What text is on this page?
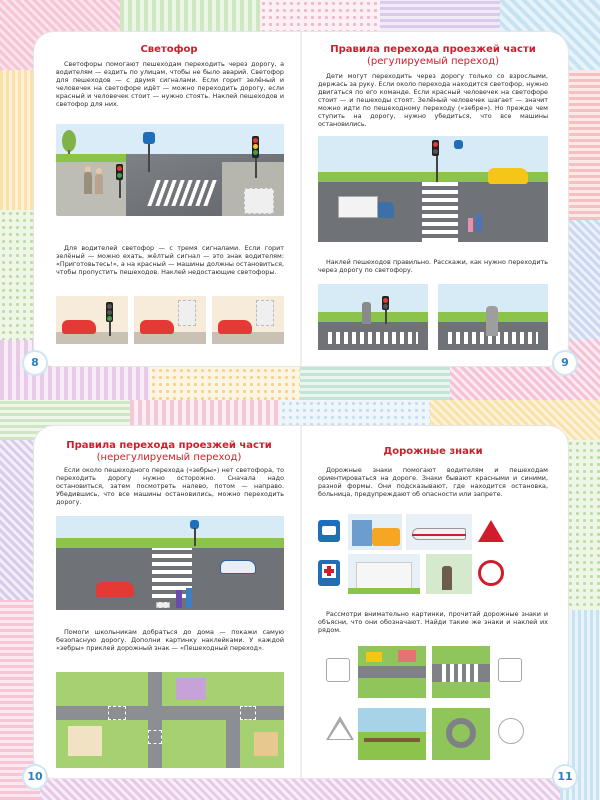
Светофор

Светофоры помогают пешеходам переходить через дорогу, а водителям — ездить по улицам, чтобы не было аварий. Светофор для пешеходов — с двумя сигналами. Если горит зелёный и человечек на светофоре идёт — можно переходить дорогу, если красный и человечек стоит — нужно стоять. Наклей пешеходов и светофор для них.

Для водителей светофор — с тремя сигналами. Если горит зелёный — можно ехать, жёлтый сигнал — это знак водителям: «Приготовьтесь!», а на красный — машины должны остановиться, чтобы пропустить пешеходов. Наклей недостающие светофоры.

Правила перехода проезжей части
(регулируемый переход)

Дети могут переходить через дорогу только со взрослыми, держась за руку. Если около перехода находится светофор, нужно двигаться по его команде. Если красный человечек на светофоре стоит — и пешеходы стоят. Зелёный человечек шагает — значит можно идти по пешеходному переходу («зебре»). Но прежде чем ступить на дорогу, нужно убедиться, что все машины остановились.

Наклей пешеходов правильно. Расскажи, как нужно переходить через дорогу по светофору.

8	9
Правила перехода проезжей части
(нерегулируемый переход)

Если около пешеходного перехода («зебры») нет светофора, то переходить дорогу нужно осторожно. Сначала надо остановиться, затем посмотреть налево, потом — направо. Убедившись, что все машины остановились, можно переходить дорогу.

Помоги школьникам добраться до дома — покажи самую безопасную дорогу. Дополни картинку наклейками. У каждой «зебры» приклей дорожный знак — «Пешеходный переход».

Дорожные знаки

Дорожные знаки помогают водителям и пешеходам ориентироваться на дороге. Знаки бывают красными и синими, разной формы. Они подсказывают, где находится остановка, больница, предупреждают об опасности или запрете.

Рассмотри внимательно картинки, прочитай дорожные знаки и объясни, что они обозначают. Найди такие же знаки и наклей их рядом.

10	11
